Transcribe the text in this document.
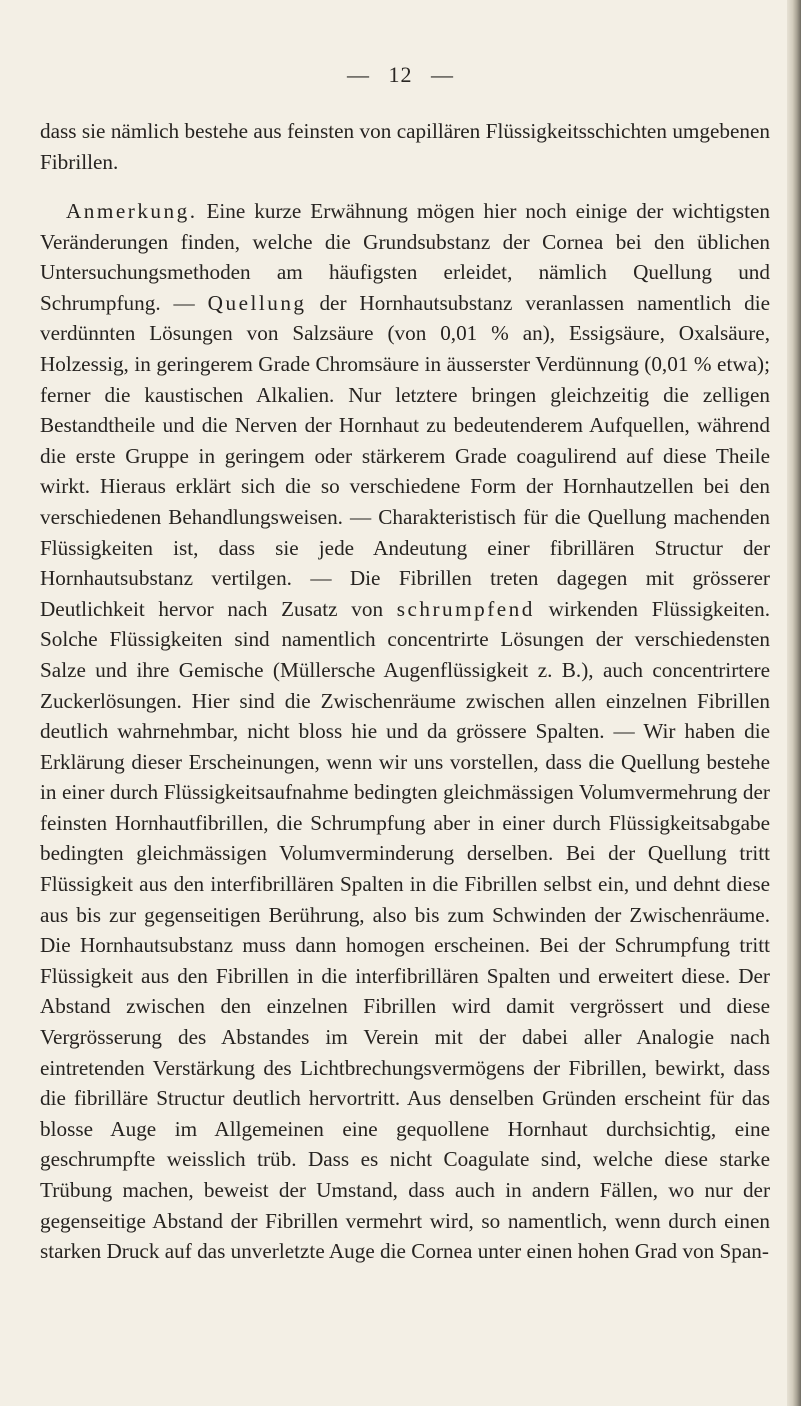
— 12 —

dass sie nämlich bestehe aus feinsten von capillären Flüssigkeitsschichten umgebenen Fibrillen.

Anmerkung. Eine kurze Erwähnung mögen hier noch einige der wichtigsten Veränderungen finden, welche die Grundsubstanz der Cornea bei den üblichen Untersuchungsmethoden am häufigsten erleidet, nämlich Quellung und Schrumpfung. — Quellung der Hornhautsubstanz veranlassen namentlich die verdünnten Lösungen von Salzsäure (von 0,01 % an), Essigsäure, Oxalsäure, Holzessig, in geringerem Grade Chromsäure in äusserster Verdünnung (0,01 % etwa); ferner die kaustischen Alkalien. Nur letztere bringen gleichzeitig die zelligen Bestandtheile und die Nerven der Hornhaut zu bedeutenderem Aufquellen, während die erste Gruppe in geringem oder stärkerem Grade coagulirend auf diese Theile wirkt. Hieraus erklärt sich die so verschiedene Form der Hornhautzellen bei den verschiedenen Behandlungsweisen. — Charakteristisch für die Quellung machenden Flüssigkeiten ist, dass sie jede Andeutung einer fibrillären Structur der Hornhautsubstanz vertilgen. — Die Fibrillen treten dagegen mit grösserer Deutlichkeit hervor nach Zusatz von schrumpfend wirkenden Flüssigkeiten. Solche Flüssigkeiten sind namentlich concentrirte Lösungen der verschiedensten Salze und ihre Gemische (Müllersche Augenflüssigkeit z. B.), auch concentrirtere Zuckerlösungen. Hier sind die Zwischenräume zwischen allen einzelnen Fibrillen deutlich wahrnehmbar, nicht bloss hie und da grössere Spalten. — Wir haben die Erklärung dieser Erscheinungen, wenn wir uns vorstellen, dass die Quellung bestehe in einer durch Flüssigkeitsaufnahme bedingten gleichmässigen Volumvermehrung der feinsten Hornhautfibrillen, die Schrumpfung aber in einer durch Flüssigkeitsabgabe bedingten gleichmässigen Volumverminderung derselben. Bei der Quellung tritt Flüssigkeit aus den interfibrillären Spalten in die Fibrillen selbst ein, und dehnt diese aus bis zur gegenseitigen Berührung, also bis zum Schwinden der Zwischenräume. Die Hornhautsubstanz muss dann homogen erscheinen. Bei der Schrumpfung tritt Flüssigkeit aus den Fibrillen in die interfibrillären Spalten und erweitert diese. Der Abstand zwischen den einzelnen Fibrillen wird damit vergrössert und diese Vergrösserung des Abstandes im Verein mit der dabei aller Analogie nach eintretenden Verstärkung des Lichtbrechungsvermögens der Fibrillen, bewirkt, dass die fibrilläre Structur deutlich hervortritt. Aus denselben Gründen erscheint für das blosse Auge im Allgemeinen eine gequollene Hornhaut durchsichtig, eine geschrumpfte weisslich trüb. Dass es nicht Coagulate sind, welche diese starke Trübung machen, beweist der Umstand, dass auch in andern Fällen, wo nur der gegenseitige Abstand der Fibrillen vermehrt wird, so namentlich, wenn durch einen starken Druck auf das unverletzte Auge die Cornea unter einen hohen Grad von Span-
